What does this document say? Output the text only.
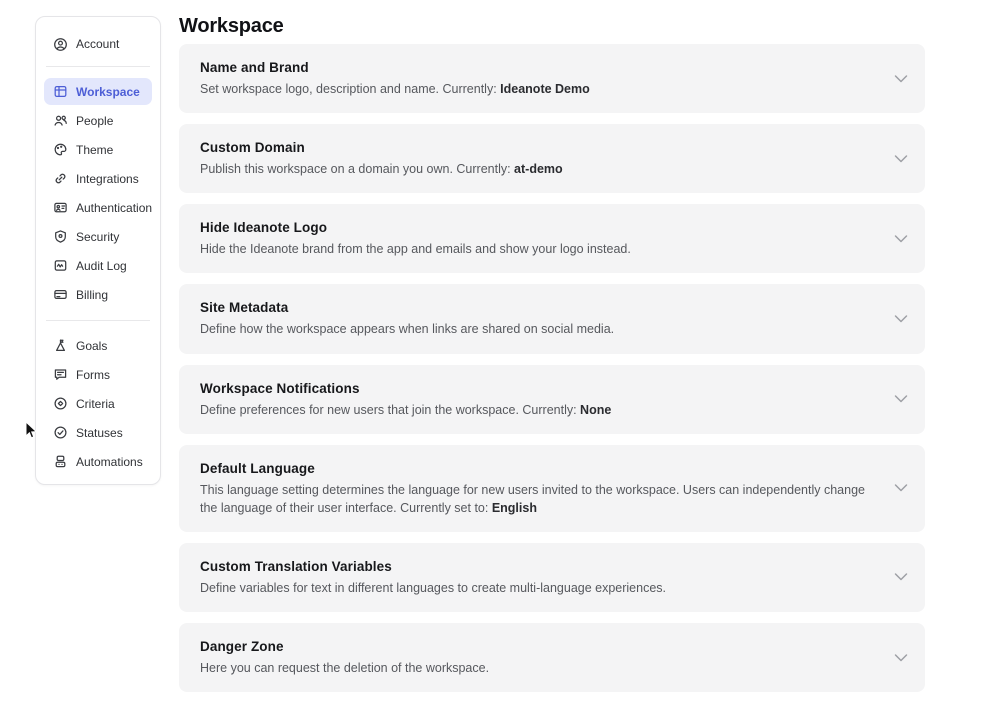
Account
Workspace
People
Theme
Integrations
Authentication
Security
Audit Log
Billing
Goals
Forms
Criteria
Statuses
Automations
Workspace
Name and Brand

Set workspace logo, description and name. Currently: Ideanote Demo

Custom Domain

Publish this workspace on a domain you own. Currently: at-demo

Hide Ideanote Logo

Hide the Ideanote brand from the app and emails and show your logo instead.

Site Metadata

Define how the workspace appears when links are shared on social media.

Workspace Notifications

Define preferences for new users that join the workspace. Currently: None

Default Language

This language setting determines the language for new users invited to the workspace. Users can independently change the language of their user interface. Currently set to: English

Custom Translation Variables

Define variables for text in different languages to create multi-language experiences.

Danger Zone

Here you can request the deletion of the workspace.
